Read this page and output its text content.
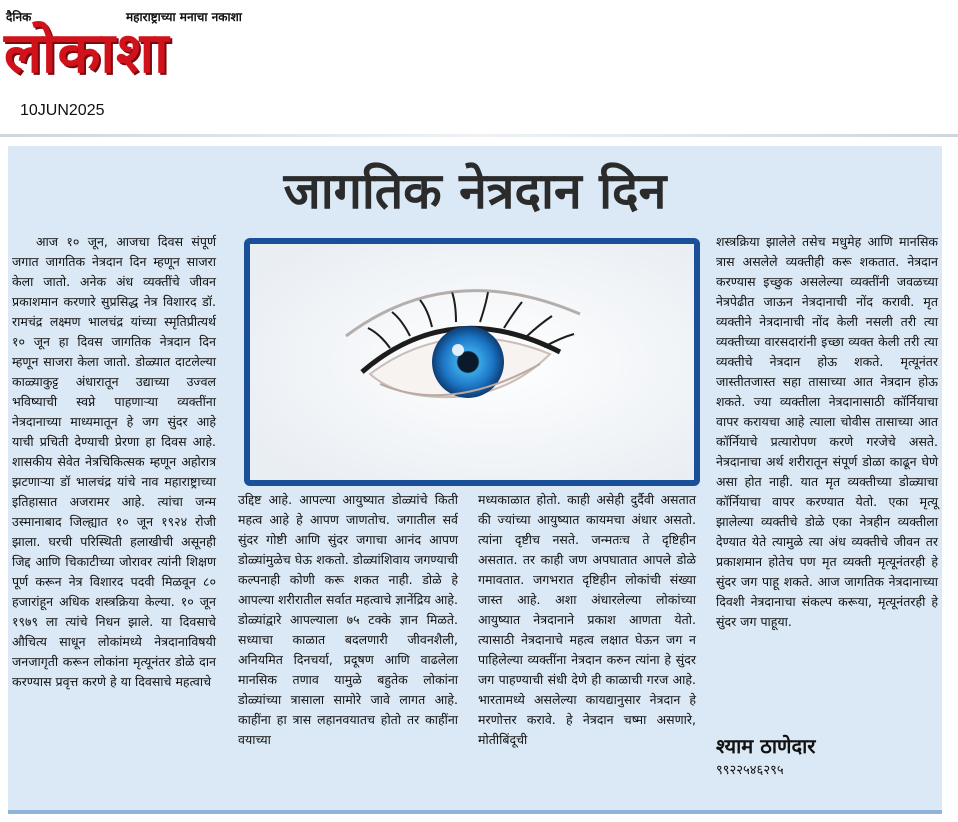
दैनिक	महाराष्ट्राच्या मनाचा नकाशा
लोकाशा
10JUN2025
जागतिक नेत्रदान दिन

आज १० जून, आजचा दिवस संपूर्ण जगात जागतिक नेत्रदान दिन म्हणून साजरा केला जातो. अनेक अंध व्यक्तींचे जीवन प्रकाशमान करणारे सुप्रसिद्ध नेत्र विशारद डॉ. रामचंद्र लक्ष्मण भालचंद्र यांच्या स्मृतिप्रीत्यर्थ १० जून हा दिवस जागतिक नेत्रदान दिन म्हणून साजरा केला जातो. डोळ्यात दाटलेल्या काळ्याकुट्ट अंधारातून उद्याच्या उज्वल भविष्याची स्वप्ने पाहणाऱ्या व्यक्तींना नेत्रदानाच्या माध्यमातून हे जग सुंदर आहे याची प्रचिती देण्याची प्रेरणा हा दिवस आहे. शासकीय सेवेत नेत्रचिकित्सक म्हणून अहोरात्र झटणाऱ्या डॉ भालचंद्र यांचे नाव महाराष्ट्राच्या इतिहासात अजरामर आहे. त्यांचा जन्म उस्मानाबाद जिल्ह्यात १० जून १९२४ रोजी झाला. घरची परिस्थिती हलाखीची असूनही जिद्द आणि चिकाटीच्या जोरावर त्यांनी शिक्षण पूर्ण करून नेत्र विशारद पदवी मिळवून ८० हजारांहून अधिक शस्त्रक्रिया केल्या. १० जून १९७९ ला त्यांचे निधन झाले. या दिवसाचे औचित्य साधून लोकांमध्ये नेत्रदानाविषयी जनजागृती करून लोकांना मृत्यूनंतर डोळे दान करण्यास प्रवृत्त करणे हे या दिवसाचे महत्वाचे

उद्दिष्ट आहे. आपल्या आयुष्यात डोळ्यांचे किती महत्व आहे हे आपण जाणतोच. जगातील सर्व सुंदर गोष्टी आणि सुंदर जगाचा आनंद आपण डोळ्यांमुळेच घेऊ शकतो. डोळ्यांशिवाय जगण्याची कल्पनाही कोणी करू शकत नाही. डोळे हे आपल्या शरीरातील सर्वात महत्वाचे ज्ञानेंद्रिय आहे. डोळ्यांद्वारे आपल्याला ७५ टक्के ज्ञान मिळते. सध्याचा काळात बदलणारी जीवनशैली, अनियमित दिनचर्या, प्रदूषण आणि वाढलेला मानसिक तणाव यामुळे बहुतेक लोकांना डोळ्यांच्या त्रासाला सामोरे जावे लागत आहे. काहींना हा त्रास लहानवयातच होतो तर काहींना वयाच्या

मध्यकाळात होतो. काही असेही दुर्दैवी असतात की ज्यांच्या आयुष्यात कायमचा अंधार असतो. त्यांना दृष्टीच नसते. जन्मतःच ते दृष्टिहीन असतात. तर काही जण अपघातात आपले डोळे गमावतात. जगभरात दृष्टिहीन लोकांची संख्या जास्त आहे. अशा अंधारलेल्या लोकांच्या आयुष्यात नेत्रदानाने प्रकाश आणता येतो. त्यासाठी नेत्रदानाचे महत्व लक्षात घेऊन जग न पाहिलेल्या व्यक्तींना नेत्रदान करुन त्यांना हे सुंदर जग पाहण्याची संधी देणे ही काळाची गरज आहे. भारतामध्ये असलेल्या कायद्यानुसार नेत्रदान हे मरणोत्तर करावे. हे नेत्रदान चष्मा असणारे, मोतीबिंदूची

शस्त्रक्रिया झालेले तसेच मधुमेह आणि मानसिक त्रास असलेले व्यक्तीही करू शकतात. नेत्रदान करण्यास इच्छुक असलेल्या व्यक्तींनी जवळच्या नेत्रपेढीत जाऊन नेत्रदानाची नोंद करावी. मृत व्यक्तीने नेत्रदानाची नोंद केली नसली तरी त्या व्यक्तीच्या वारसदारांनी इच्छा व्यक्त केली तरी त्या व्यक्तीचे नेत्रदान होऊ शकते. मृत्यूनंतर जास्तीतजास्त सहा तासाच्या आत नेत्रदान होऊ शकते. ज्या व्यक्तीला नेत्रदानासाठी कॉर्नियाचा वापर करायचा आहे त्याला चोवीस तासाच्या आत कॉर्नियाचे प्रत्यारोपण करणे गरजेचे असते. नेत्रदानाचा अर्थ शरीरातून संपूर्ण डोळा काढून घेणे असा होत नाही. यात मृत व्यक्तीच्या डोळ्याचा कॉर्नियाचा वापर करण्यात येतो. एका मृत्यू झालेल्या व्यक्तीचे डोळे एका नेत्रहीन व्यक्तीला देण्यात येते त्यामुळे त्या अंध व्यक्तीचे जीवन तर प्रकाशमान होतेच पण मृत व्यक्ती मृत्यूनंतरही हे सुंदर जग पाहू शकते. आज जागतिक नेत्रदानाच्या दिवशी नेत्रदानाचा संकल्प करूया, मृत्यूनंतरही हे सुंदर जग पाहूया.

श्याम ठाणेदार
९९२२५४६२९५
